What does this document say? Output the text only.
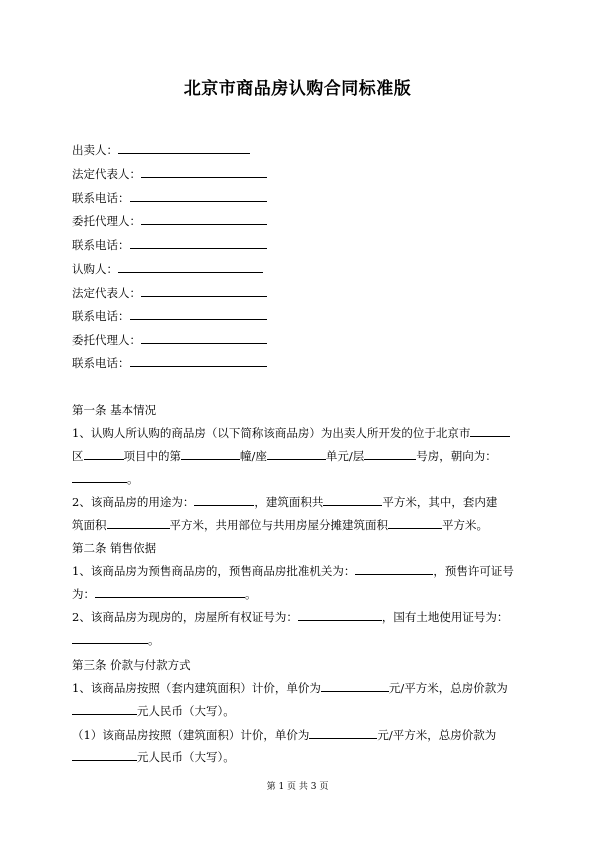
北京市商品房认购合同标准版
出卖人：
法定代表人：
联系电话：
委托代理人：
联系电话：
认购人：
法定代表人：
联系电话：
委托代理人：
联系电话：
第一条 基本情况
1、认购人所认购的商品房（以下简称该商品房）为出卖人所开发的位于北京市
区	项目中的第	幢/座	单元/层	号房，朝向为：
。
2、该商品房的用途为：	，建筑面积共	平方米，其中，套内建
筑面积	平方米，共用部位与共用房屋分摊建筑面积	平方米。
第二条 销售依据
1、该商品房为预售商品房的，预售商品房批准机关为：	，预售许可证号
为：	。
2、该商品房为现房的，房屋所有权证号为：	，国有土地使用证号为：
。
第三条 价款与付款方式
1、该商品房按照（套内建筑面积）计价，单价为	元/平方米，总房价款为
元人民币（大写）。
（1）该商品房按照（建筑面积）计价，单价为	元/平方米，总房价款为
元人民币（大写）。
第 1 页 共 3 页
